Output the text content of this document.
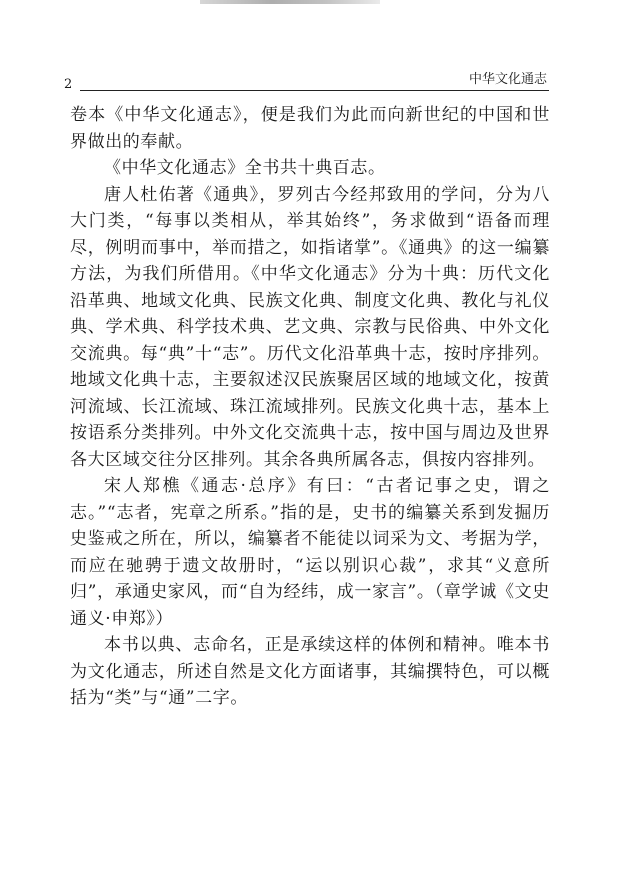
2	中华文化通志

卷本《中华文化通志》，便是我们为此而向新世纪的中国和世界做出的奉献。

《中华文化通志》全书共十典百志。

唐人杜佑著《通典》，罗列古今经邦致用的学问，分为八大门类，“每事以类相从，举其始终”，务求做到“语备而理尽，例明而事中，举而措之，如指诸掌”。《通典》的这一编纂方法，为我们所借用。《中华文化通志》分为十典：历代文化沿革典、地域文化典、民族文化典、制度文化典、教化与礼仪典、学术典、科学技术典、艺文典、宗教与民俗典、中外文化交流典。每“典”十“志”。历代文化沿革典十志，按时序排列。地域文化典十志，主要叙述汉民族聚居区域的地域文化，按黄河流域、长江流域、珠江流域排列。民族文化典十志，基本上按语系分类排列。中外文化交流典十志，按中国与周边及世界各大区域交往分区排列。其余各典所属各志，俱按内容排列。

宋人郑樵《通志·总序》有曰：“古者记事之史，谓之志。”“志者，宪章之所系。”指的是，史书的编纂关系到发掘历史鉴戒之所在，所以，编纂者不能徒以词采为文、考据为学，而应在驰骋于遗文故册时，“运以别识心裁”，求其“义意所归”，承通史家风，而“自为经纬，成一家言”。（章学诚《文史通义·申郑》）

本书以典、志命名，正是承续这样的体例和精神。唯本书为文化通志，所述自然是文化方面诸事，其编撰特色，可以概括为“类”与“通”二字。
